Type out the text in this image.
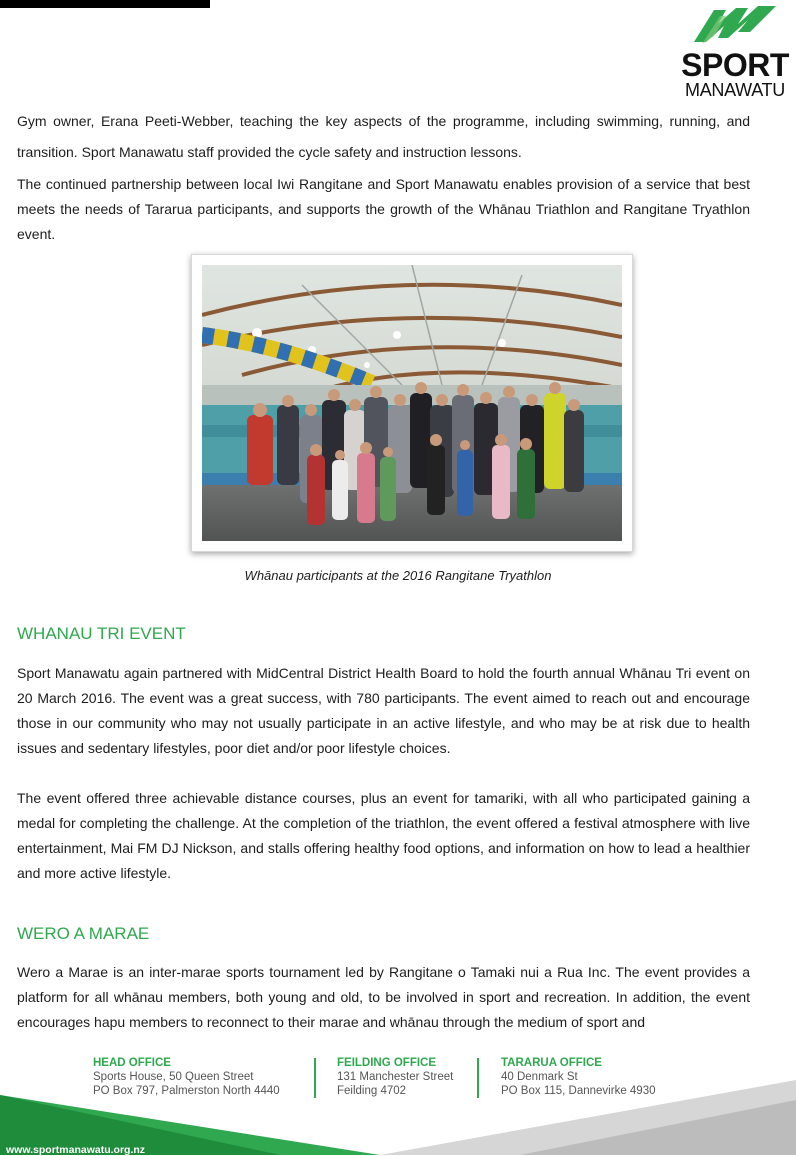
SPORT
MANAWATU

Gym owner, Erana Peeti-Webber, teaching the key aspects of the programme, including swimming, running, and transition. Sport Manawatu staff provided the cycle safety and instruction lessons.

The continued partnership between local Iwi Rangitane and Sport Manawatu enables provision of a service that best meets the needs of Tararua participants, and supports the growth of the Whānau Triathlon and Rangitane Tryathlon event.

Whānau participants at the 2016 Rangitane Tryathlon
WHANAU TRI EVENT

Sport Manawatu again partnered with MidCentral District Health Board to hold the fourth annual Whānau Tri event on 20 March 2016. The event was a great success, with 780 participants. The event aimed to reach out and encourage those in our community who may not usually participate in an active lifestyle, and who may be at risk due to health issues and sedentary lifestyles, poor diet and/or poor lifestyle choices.

The event offered three achievable distance courses, plus an event for tamariki, with all who participated gaining a medal for completing the challenge. At the completion of the triathlon, the event offered a festival atmosphere with live entertainment, Mai FM DJ Nickson, and stalls offering healthy food options, and information on how to lead a healthier and more active lifestyle.

WERO A MARAE

Wero a Marae is an inter-marae sports tournament led by Rangitane o Tamaki nui a Rua Inc. The event provides a platform for all whānau members, both young and old, to be involved in sport and recreation. In addition, the event encourages hapu members to reconnect to their marae and whānau through the medium of sport and

HEAD OFFICE
Sports House, 50 Queen Street
PO Box 797, Palmerston North 4440
FEILDING OFFICE
131 Manchester Street
Feilding 4702
TARARUA OFFICE
40 Denmark St
PO Box 115, Dannevirke 4930
www.sportmanawatu.org.nz
